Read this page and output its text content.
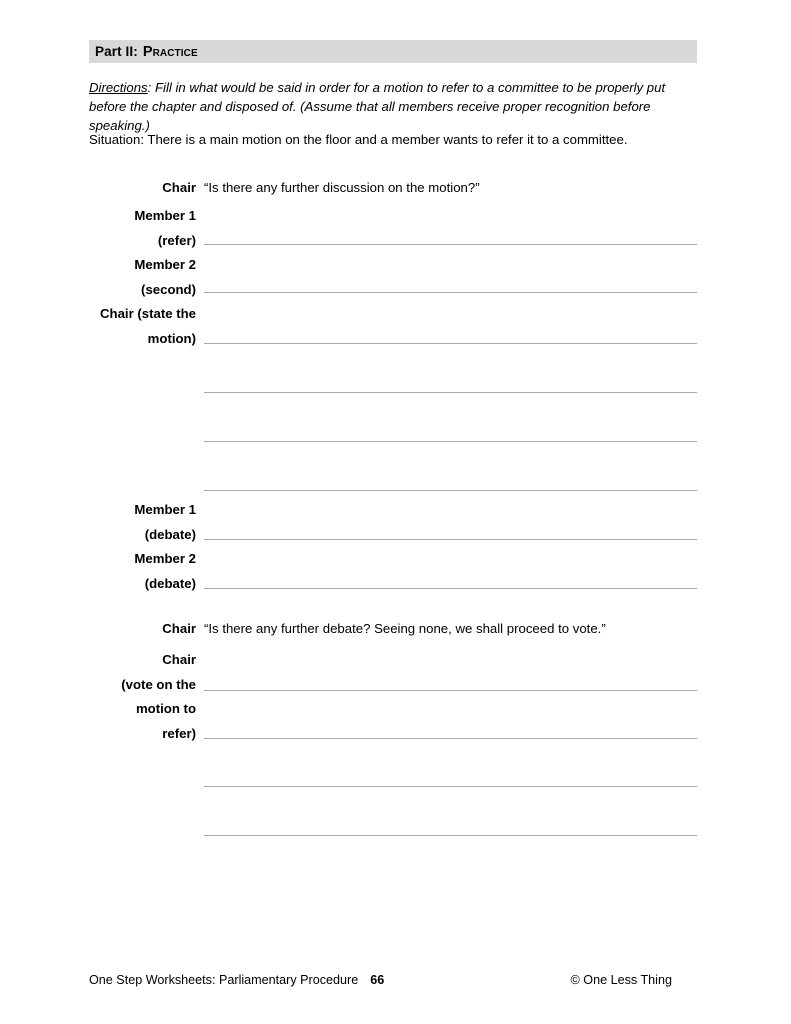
Part II: Practice
Directions: Fill in what would be said in order for a motion to refer to a committee to be properly put before the chapter and disposed of. (Assume that all members receive proper recognition before speaking.)
Situation: There is a main motion on the floor and a member wants to refer it to a committee.
Chair “Is there any further discussion on the motion?”
Member 1
(refer)
Member 2
(second)
Chair (state the
motion)
Member 1
(debate)
Member 2
(debate)
Chair “Is there any further debate? Seeing none, we shall proceed to vote.”
Chair
(vote on the
motion to
refer)
One Step Worksheets: Parliamentary Procedure 66	© One Less Thing
